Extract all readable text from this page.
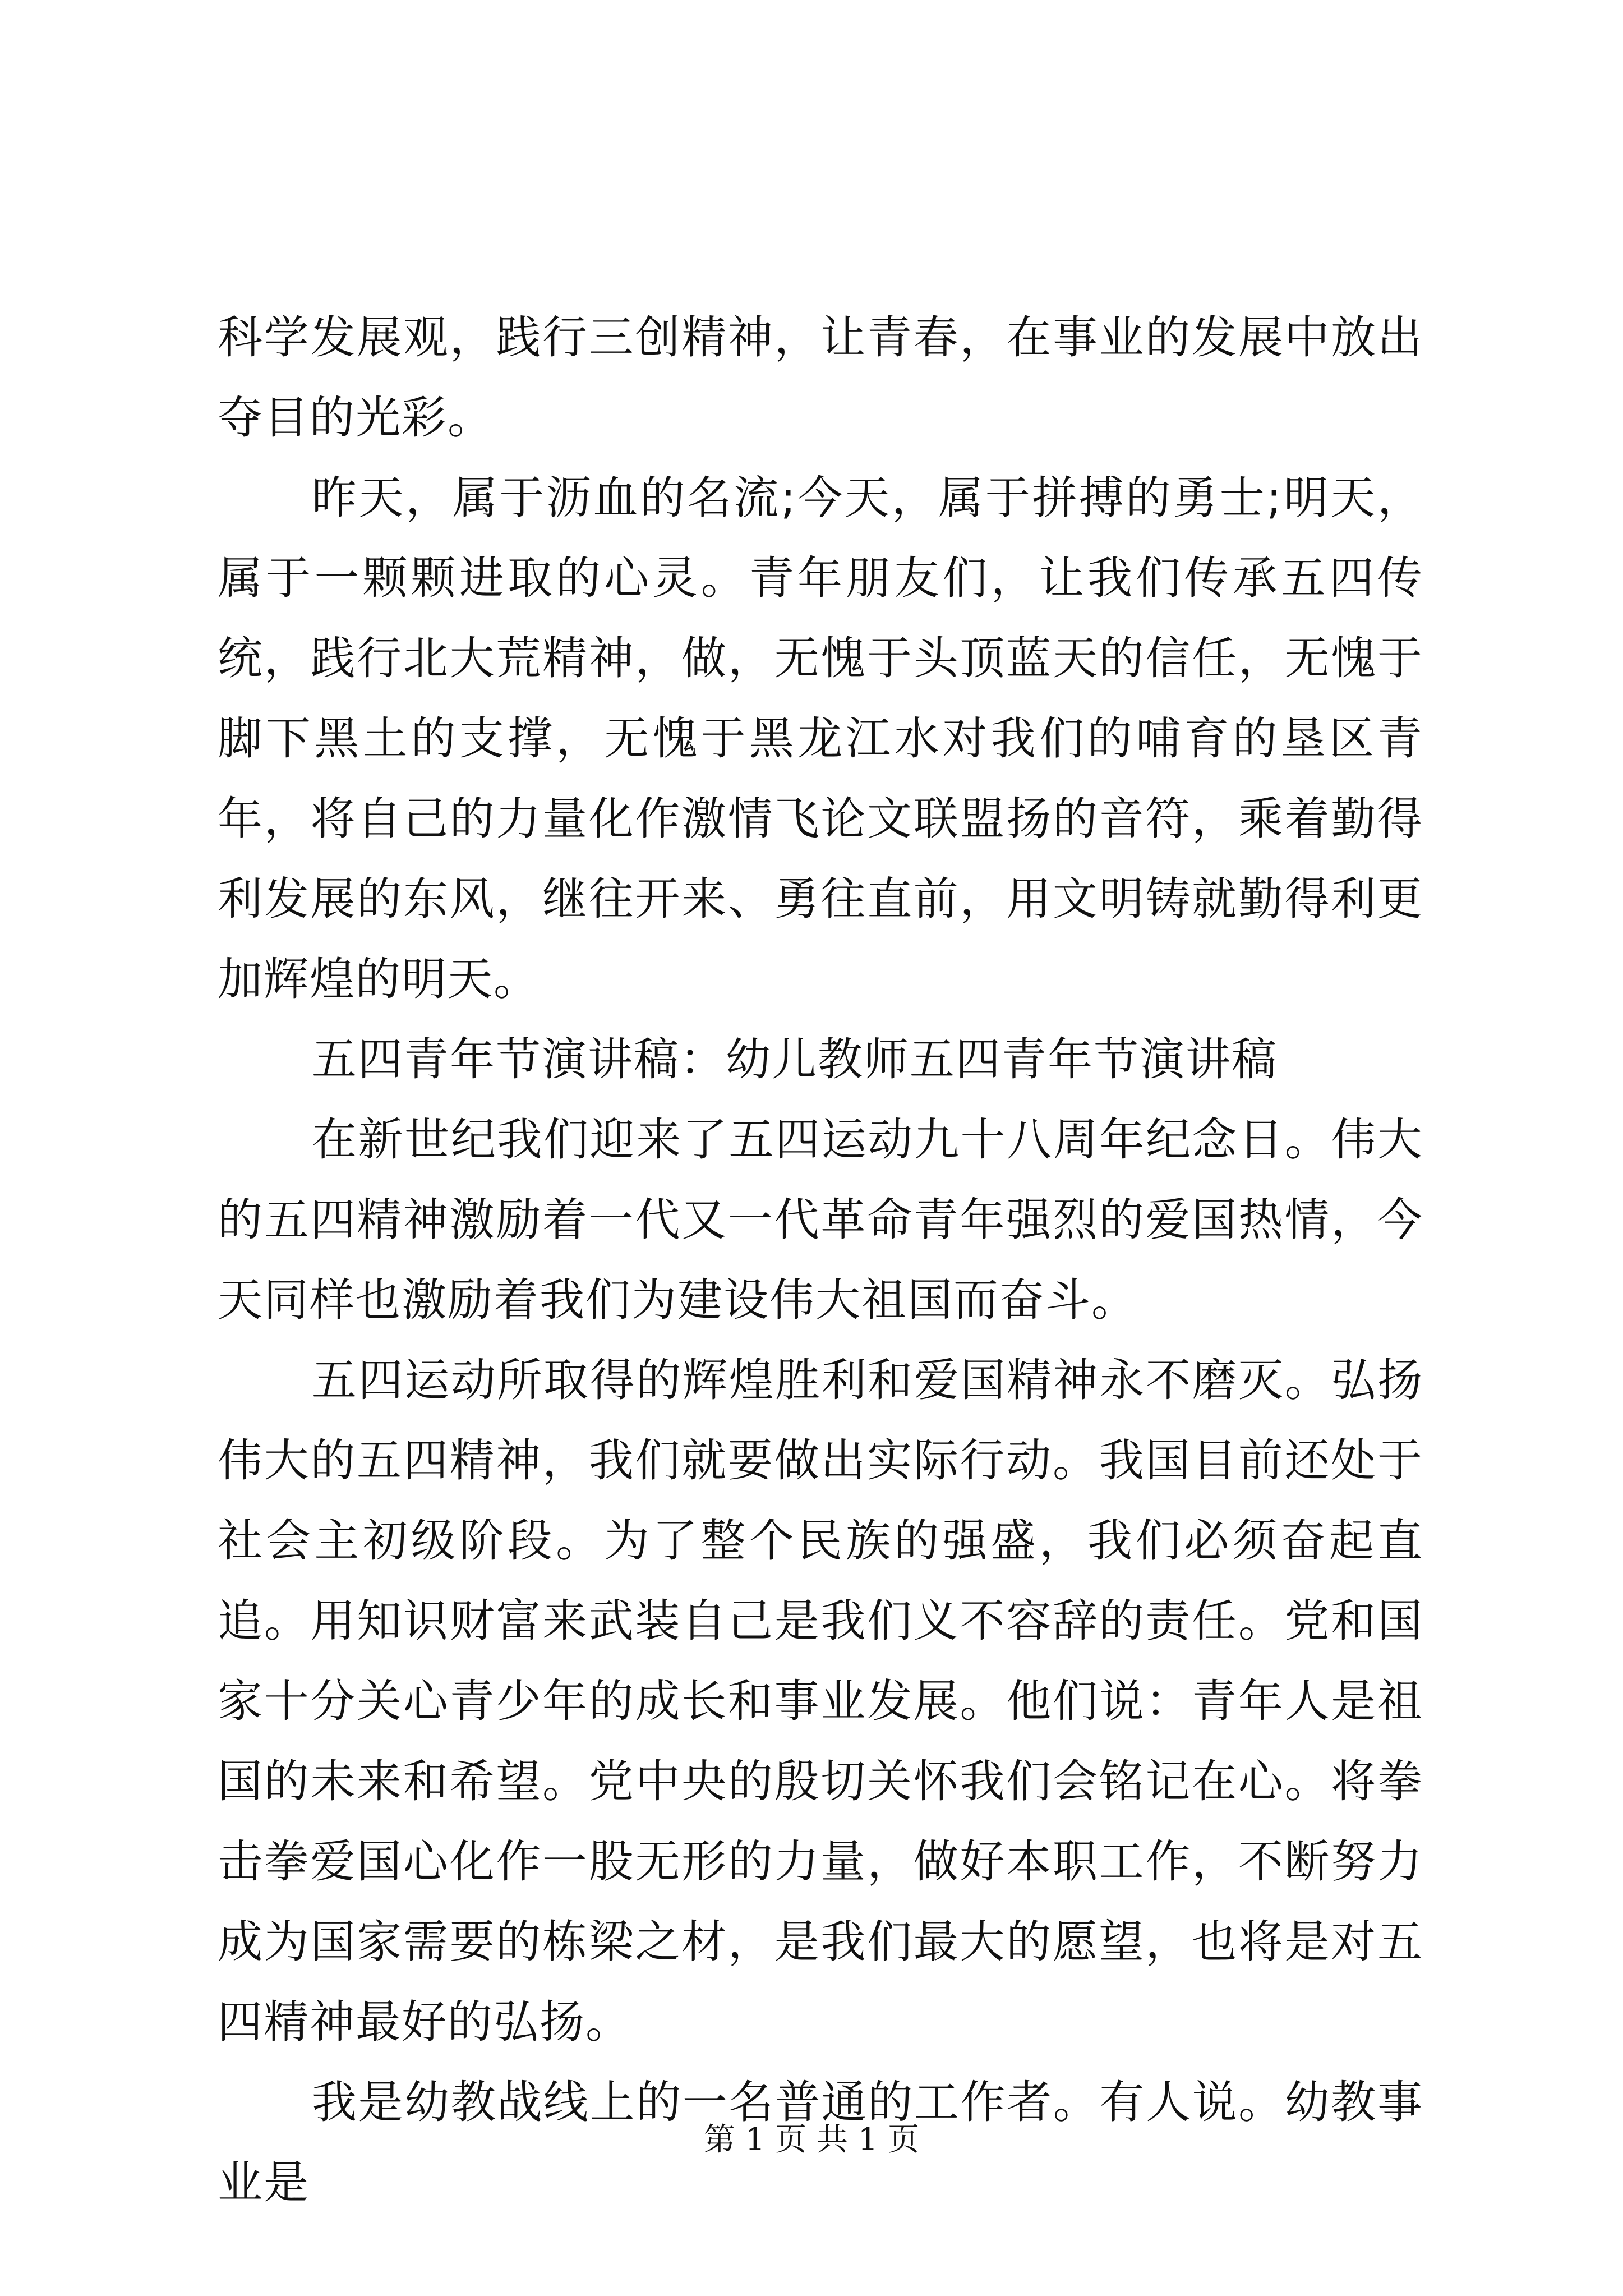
科学发展观，践行三创精神，让青春，在事业的发展中放出夺目的光彩。

昨天，属于沥血的名流;今天，属于拼搏的勇士;明天，属于一颗颗进取的心灵。青年朋友们，让我们传承五四传统，践行北大荒精神，做，无愧于头顶蓝天的信任，无愧于脚下黑土的支撑，无愧于黑龙江水对我们的哺育的垦区青年，将自己的力量化作激情飞论文联盟扬的音符，乘着勤得利发展的东风，继往开来、勇往直前，用文明铸就勤得利更加辉煌的明天。

五四青年节演讲稿：幼儿教师五四青年节演讲稿

在新世纪我们迎来了五四运动九十八周年纪念日。伟大的五四精神激励着一代又一代革命青年强烈的爱国热情，今天同样也激励着我们为建设伟大祖国而奋斗。

五四运动所取得的辉煌胜利和爱国精神永不磨灭。弘扬伟大的五四精神，我们就要做出实际行动。我国目前还处于社会主初级阶段。为了整个民族的强盛，我们必须奋起直追。用知识财富来武装自己是我们义不容辞的责任。党和国家十分关心青少年的成长和事业发展。他们说：青年人是祖国的未来和希望。党中央的殷切关怀我们会铭记在心。将拳击拳爱国心化作一股无形的力量，做好本职工作，不断努力成为国家需要的栋梁之材，是我们最大的愿望，也将是对五四精神最好的弘扬。

我是幼教战线上的一名普通的工作者。有人说。幼教事业是

第 1 页 共 1 页
